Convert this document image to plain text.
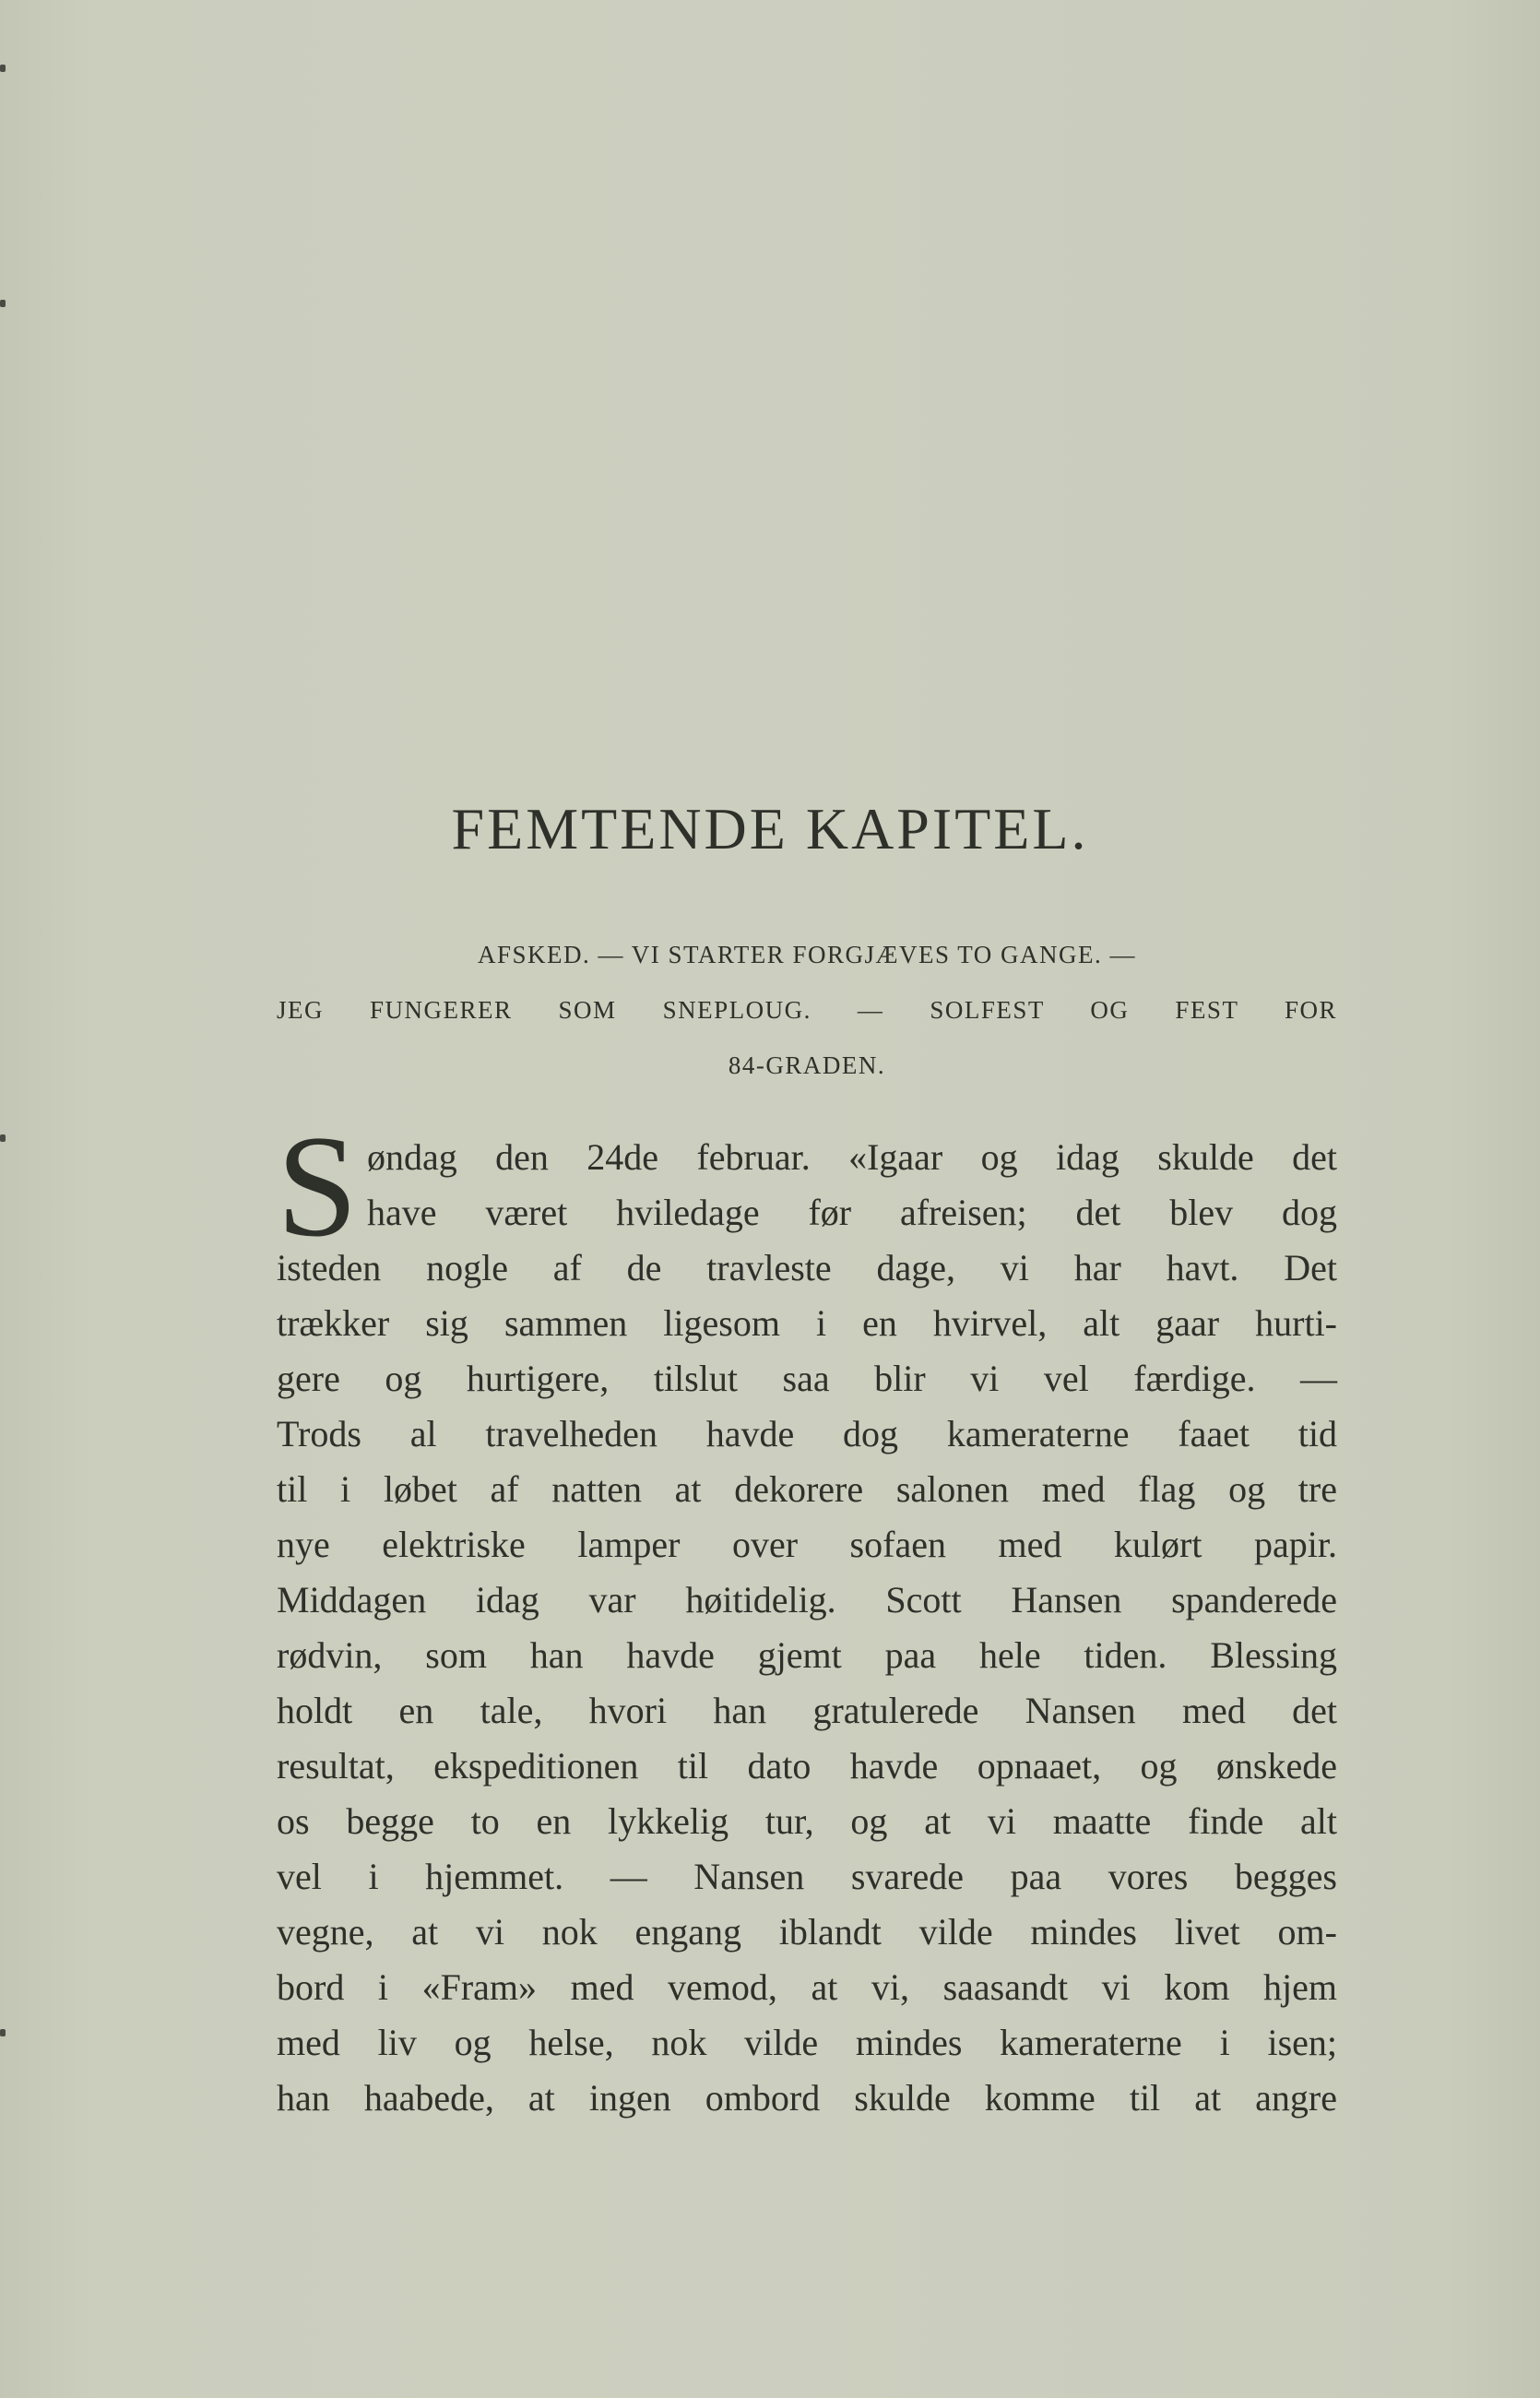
FEMTENDE KAPITEL.
AFSKED. — VI STARTER FORGJÆVES TO GANGE. —
JEG FUNGERER SOM SNEPLOUG. — SOLFEST OG FEST FOR
84-GRADEN.
S øndag den 24de februar. «Igaar og idag skulde det
have været hviledage før afreisen; det blev dog
isteden nogle af de travleste dage, vi har havt. Det
trækker sig sammen ligesom i en hvirvel, alt gaar hurti-
gere og hurtigere, tilslut saa blir vi vel færdige. —
Trods al travelheden havde dog kameraterne faaet tid
til i løbet af natten at dekorere salonen med flag og tre
nye elektriske lamper over sofaen med kulørt papir.
Middagen idag var høitidelig. Scott Hansen spanderede
rødvin, som han havde gjemt paa hele tiden. Blessing
holdt en tale, hvori han gratulerede Nansen med det
resultat, ekspeditionen til dato havde opnaaet, og ønskede
os begge to en lykkelig tur, og at vi maatte finde alt
vel i hjemmet. — Nansen svarede paa vores begges
vegne, at vi nok engang iblandt vilde mindes livet om-
bord i «Fram» med vemod, at vi, saasandt vi kom hjem
med liv og helse, nok vilde mindes kameraterne i isen;
han haabede, at ingen ombord skulde komme til at angre
